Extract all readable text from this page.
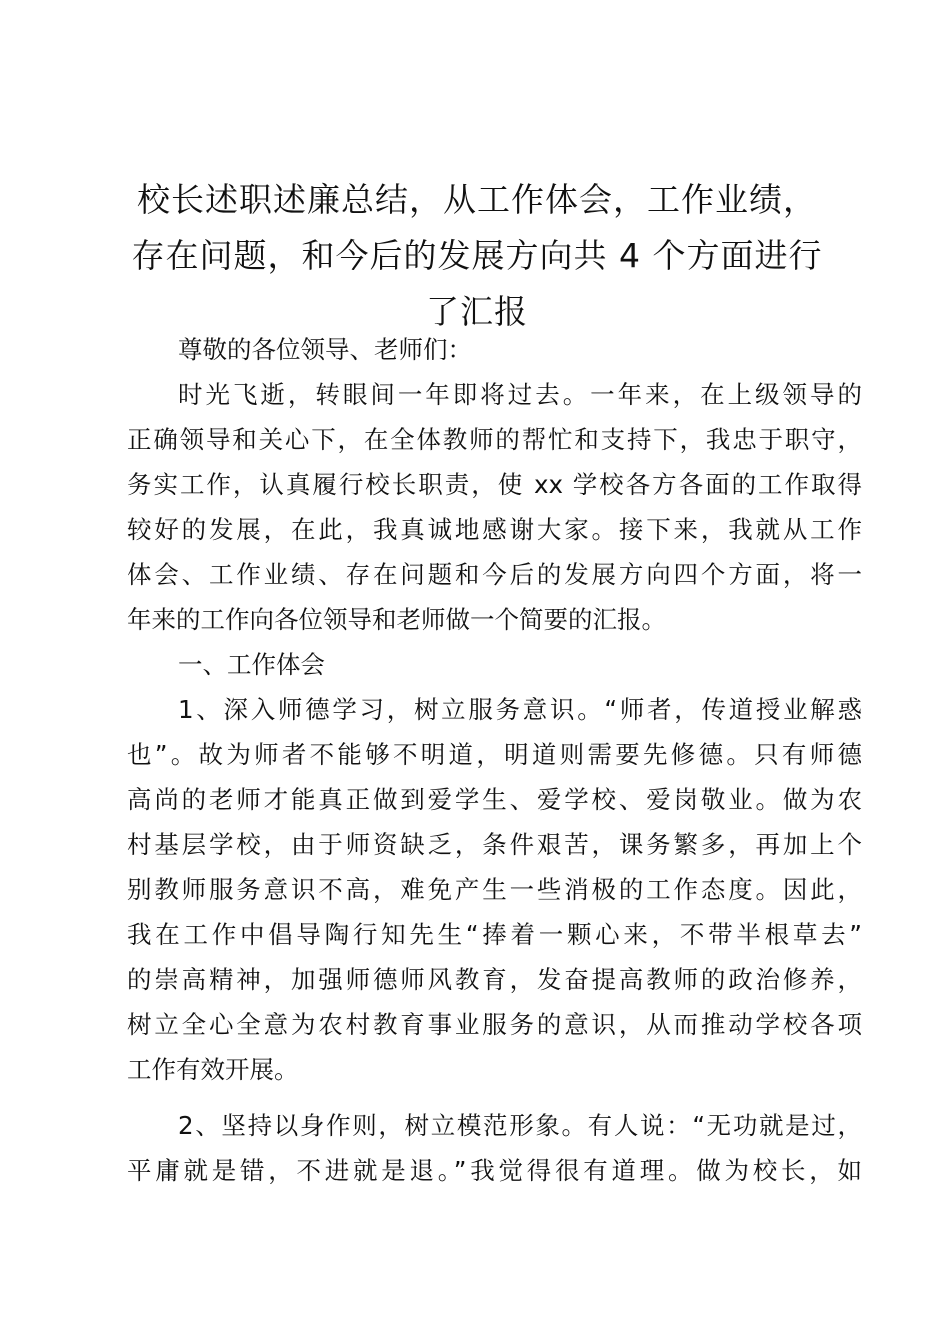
校长述职述廉总结，从工作体会，工作业绩，
存在问题，和今后的发展方向共 4 个方面进行
了汇报
尊敬的各位领导、老师们：
时光飞逝，转眼间一年即将过去。一年来，在上级领导的
正确领导和关心下，在全体教师的帮忙和支持下，我忠于职守，
务实工作，认真履行校长职责，使 xx 学校各方各面的工作取得
较好的发展，在此，我真诚地感谢大家。接下来，我就从工作
体会、工作业绩、存在问题和今后的发展方向四个方面，将一
年来的工作向各位领导和老师做一个简要的汇报。
一、工作体会
1、深入师德学习，树立服务意识。“师者，传道授业解惑
也”。故为师者不能够不明道，明道则需要先修德。只有师德
高尚的老师才能真正做到爱学生、爱学校、爱岗敬业。做为农
村基层学校，由于师资缺乏，条件艰苦，课务繁多，再加上个
别教师服务意识不高，难免产生一些消极的工作态度。因此，
我在工作中倡导陶行知先生“捧着一颗心来，不带半根草去”
的崇高精神，加强师德师风教育，发奋提高教师的政治修养，
树立全心全意为农村教育事业服务的意识，从而推动学校各项
工作有效开展。
2、坚持以身作则，树立模范形象。有人说：“无功就是过，
平庸就是错，不进就是退。”我觉得很有道理。做为校长，如
